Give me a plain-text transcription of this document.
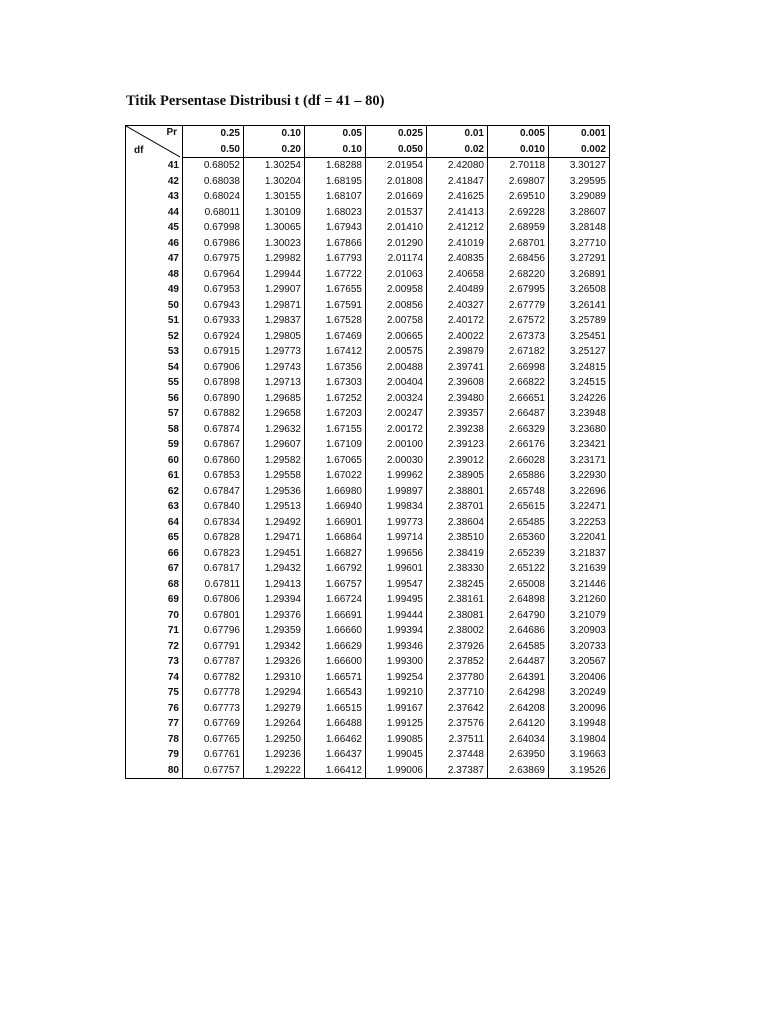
Titik Persentase Distribusi t (df = 41 – 80)
Pr
df	0.25	0.10	0.05	0.025	0.01	0.005	0.001
	0.50	0.20	0.10	0.050	0.02	0.010	0.002
41	0.68052	1.30254	1.68288	2.01954	2.42080	2.70118	3.30127
42	0.68038	1.30204	1.68195	2.01808	2.41847	2.69807	3.29595
43	0.68024	1.30155	1.68107	2.01669	2.41625	2.69510	3.29089
44	0.68011	1.30109	1.68023	2.01537	2.41413	2.69228	3.28607
45	0.67998	1.30065	1.67943	2.01410	2.41212	2.68959	3.28148
46	0.67986	1.30023	1.67866	2.01290	2.41019	2.68701	3.27710
47	0.67975	1.29982	1.67793	2.01174	2.40835	2.68456	3.27291
48	0.67964	1.29944	1.67722	2.01063	2.40658	2.68220	3.26891
49	0.67953	1.29907	1.67655	2.00958	2.40489	2.67995	3.26508
50	0.67943	1.29871	1.67591	2.00856	2.40327	2.67779	3.26141
51	0.67933	1.29837	1.67528	2.00758	2.40172	2.67572	3.25789
52	0.67924	1.29805	1.67469	2.00665	2.40022	2.67373	3.25451
53	0.67915	1.29773	1.67412	2.00575	2.39879	2.67182	3.25127
54	0.67906	1.29743	1.67356	2.00488	2.39741	2.66998	3.24815
55	0.67898	1.29713	1.67303	2.00404	2.39608	2.66822	3.24515
56	0.67890	1.29685	1.67252	2.00324	2.39480	2.66651	3.24226
57	0.67882	1.29658	1.67203	2.00247	2.39357	2.66487	3.23948
58	0.67874	1.29632	1.67155	2.00172	2.39238	2.66329	3.23680
59	0.67867	1.29607	1.67109	2.00100	2.39123	2.66176	3.23421
60	0.67860	1.29582	1.67065	2.00030	2.39012	2.66028	3.23171
61	0.67853	1.29558	1.67022	1.99962	2.38905	2.65886	3.22930
62	0.67847	1.29536	1.66980	1.99897	2.38801	2.65748	3.22696
63	0.67840	1.29513	1.66940	1.99834	2.38701	2.65615	3.22471
64	0.67834	1.29492	1.66901	1.99773	2.38604	2.65485	3.22253
65	0.67828	1.29471	1.66864	1.99714	2.38510	2.65360	3.22041
66	0.67823	1.29451	1.66827	1.99656	2.38419	2.65239	3.21837
67	0.67817	1.29432	1.66792	1.99601	2.38330	2.65122	3.21639
68	0.67811	1.29413	1.66757	1.99547	2.38245	2.65008	3.21446
69	0.67806	1.29394	1.66724	1.99495	2.38161	2.64898	3.21260
70	0.67801	1.29376	1.66691	1.99444	2.38081	2.64790	3.21079
71	0.67796	1.29359	1.66660	1.99394	2.38002	2.64686	3.20903
72	0.67791	1.29342	1.66629	1.99346	2.37926	2.64585	3.20733
73	0.67787	1.29326	1.66600	1.99300	2.37852	2.64487	3.20567
74	0.67782	1.29310	1.66571	1.99254	2.37780	2.64391	3.20406
75	0.67778	1.29294	1.66543	1.99210	2.37710	2.64298	3.20249
76	0.67773	1.29279	1.66515	1.99167	2.37642	2.64208	3.20096
77	0.67769	1.29264	1.66488	1.99125	2.37576	2.64120	3.19948
78	0.67765	1.29250	1.66462	1.99085	2.37511	2.64034	3.19804
79	0.67761	1.29236	1.66437	1.99045	2.37448	2.63950	3.19663
80	0.67757	1.29222	1.66412	1.99006	2.37387	2.63869	3.19526
